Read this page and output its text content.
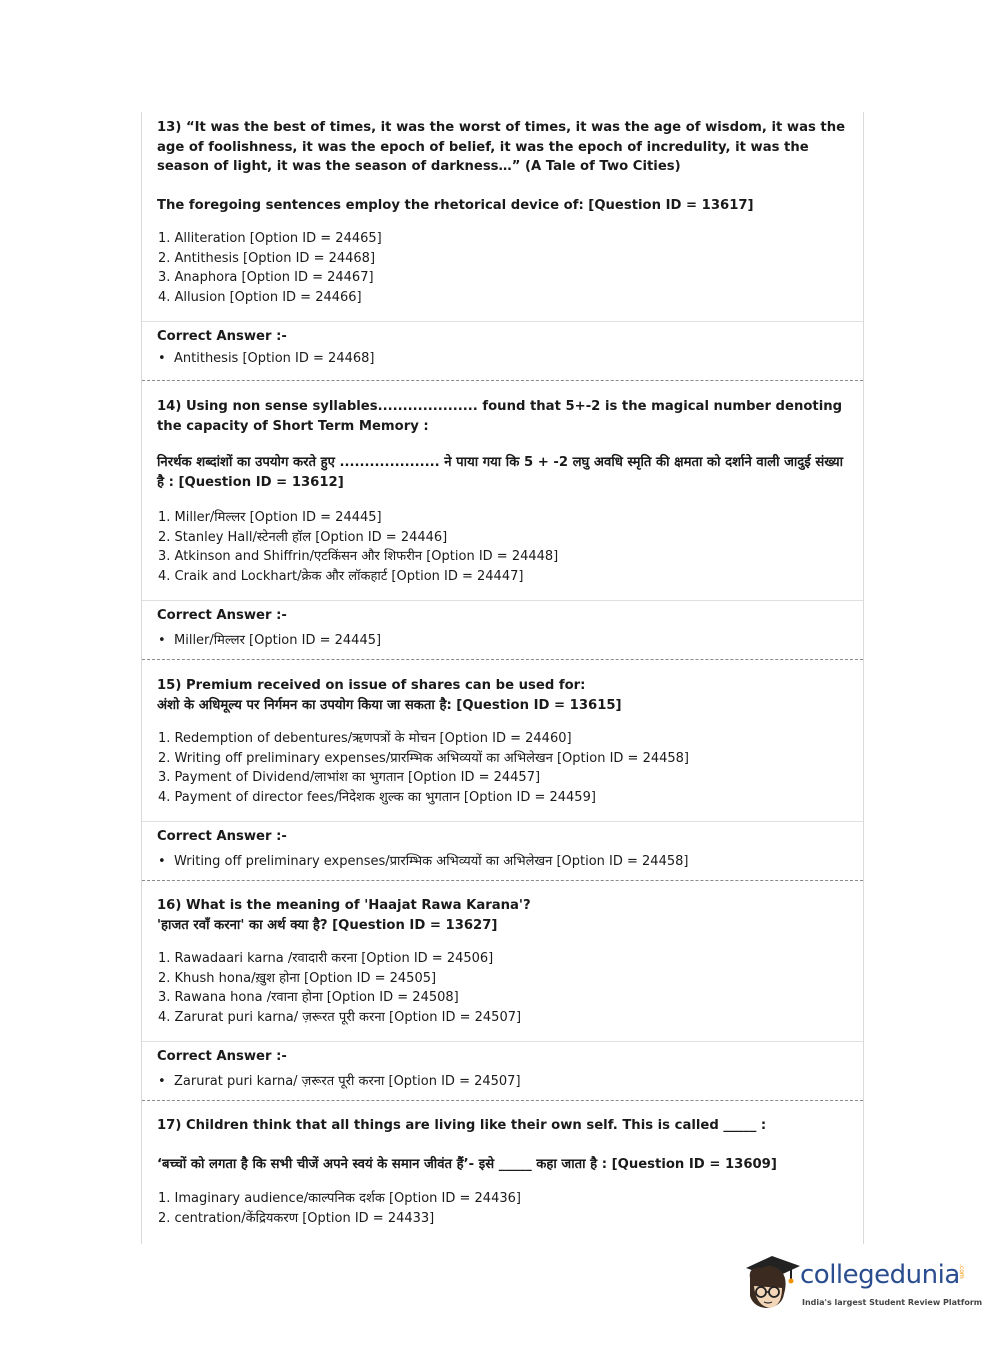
13) “It was the best of times, it was the worst of times, it was the age of wisdom, it was the age of foolishness, it was the epoch of belief, it was the epoch of incredulity, it was the season of light, it was the season of darkness…” (A Tale of Two Cities)
The foregoing sentences employ the rhetorical device of: [Question ID = 13617]
1. Alliteration [Option ID = 24465]
2. Antithesis [Option ID = 24468]
3. Anaphora [Option ID = 24467]
4. Allusion [Option ID = 24466]
Correct Answer :-
• Antithesis [Option ID = 24468]
14) Using non sense syllables.................... found that 5+-2 is the magical number denoting the capacity of Short Term Memory :
निरर्थक शब्दांशों का उपयोग करते हुए .................... ने पाया गया कि 5 + -2 लघु अवधि स्मृति की क्षमता को दर्शाने वाली जादुई संख्या है : [Question ID = 13612]
1. Miller/मिल्लर [Option ID = 24445]
2. Stanley Hall/स्टेनली हॉल [Option ID = 24446]
3. Atkinson and Shiffrin/एटकिंसन और शिफरीन [Option ID = 24448]
4. Craik and Lockhart/क्रेक और लॉकहार्ट [Option ID = 24447]
Correct Answer :-
• Miller/मिल्लर [Option ID = 24445]
15) Premium received on issue of shares can be used for:
अंशो के अधिमूल्य पर निर्गमन का उपयोग किया जा सकता है: [Question ID = 13615]
1. Redemption of debentures/ऋणपत्रों के मोचन [Option ID = 24460]
2. Writing off preliminary expenses/प्रारम्भिक अभिव्ययों का अभिलेखन [Option ID = 24458]
3. Payment of Dividend/लाभांश का भुगतान [Option ID = 24457]
4. Payment of director fees/निदेशक शुल्क का भुगतान [Option ID = 24459]
Correct Answer :-
• Writing off preliminary expenses/प्रारम्भिक अभिव्ययों का अभिलेखन [Option ID = 24458]
16) What is the meaning of 'Haajat Rawa Karana'?
'हाजत रवाँ करना' का अर्थ क्या है? [Question ID = 13627]
1. Rawadaari karna /रवादारी करना [Option ID = 24506]
2. Khush hona/ख़ुश होना [Option ID = 24505]
3. Rawana hona /रवाना होना [Option ID = 24508]
4. Zarurat puri karna/ ज़रूरत पूरी करना [Option ID = 24507]
Correct Answer :-
• Zarurat puri karna/ ज़रूरत पूरी करना [Option ID = 24507]
17) Children think that all things are living like their own self. This is called _____ :
‘बच्चों को लगता है कि सभी चीजें अपने स्वयं के समान जीवंत हैं’- इसे _____ कहा जाता है : [Question ID = 13609]
1. Imaginary audience/काल्पनिक दर्शक [Option ID = 24436]
2. centration/केंद्रियकरण [Option ID = 24433]
collegedunia
.com
India's largest Student Review Platform
